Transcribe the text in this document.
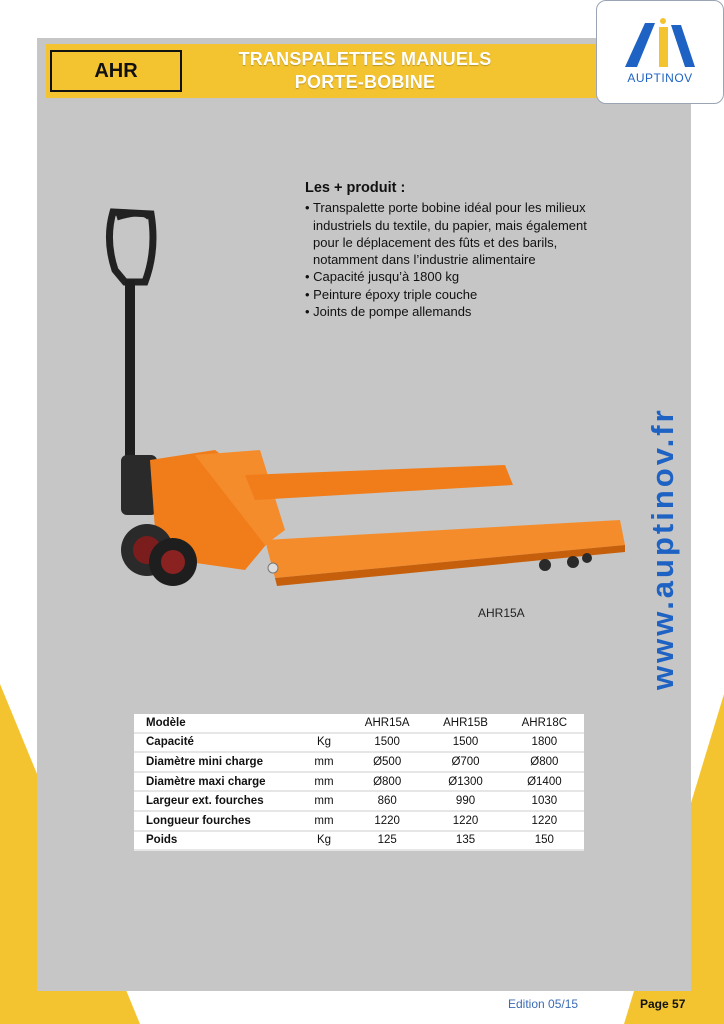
AHR
TRANSPALETTES MANUELS
PORTE-BOBINE	AUPTINOV
www.auptinov.fr
Les + produit :
• Transpalette porte bobine idéal pour les milieux industriels du textile, du papier, mais également pour le déplacement des fûts et des barils, notamment dans l’industrie alimentaire
• Capacité jusqu’à 1800 kg
• Peinture époxy triple couche
• Joints de pompe allemands
AHR15A
Modèle		AHR15A	AHR15B	AHR18C
Capacité	Kg	1500	1500	1800
Diamètre mini charge	mm	Ø500	Ø700	Ø800
Diamètre maxi charge	mm	Ø800	Ø1300	Ø1400
Largeur ext. fourches	mm	860	990	1030
Longueur fourches	mm	1220	1220	1220
Poids	Kg	125	135	150
Edition 05/15	Page 57
